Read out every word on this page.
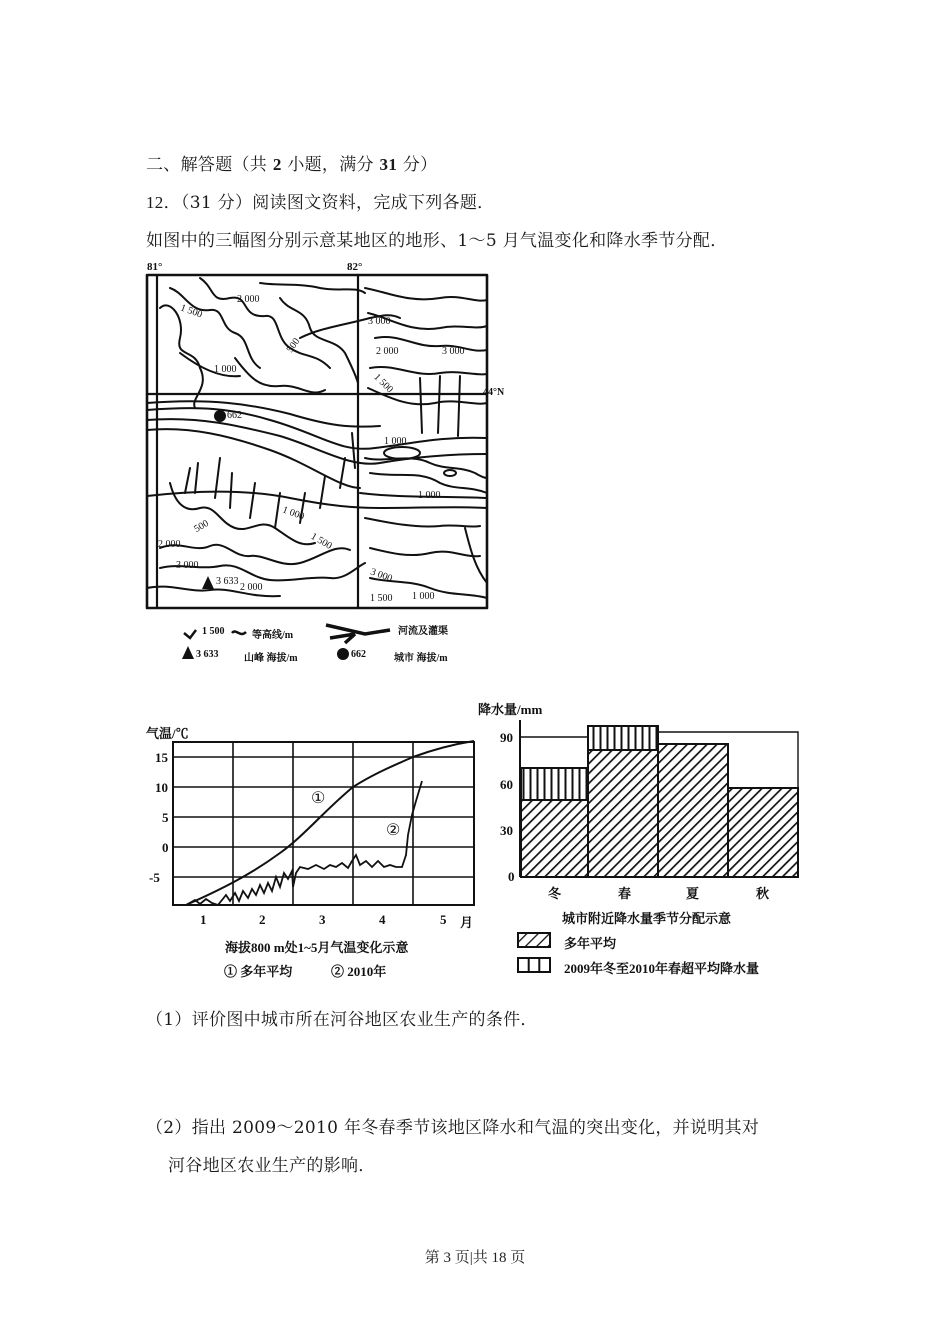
二、解答题（共 2 小题，满分 31 分）
12．（31 分）阅读图文资料，完成下列各题．
如图中的三幅图分别示意某地区的地形、1～5 月气温变化和降水季节分配．
81°	82°
44°N
2 000
1 500
1 000
500
3 000
2 000	3 000
1 500
1 000
1 000
1 000
500
1 500
2 000
3 000
2 000
1 500 1 000
3 000
662
3 633
1 500	等高线/m	河流及灌渠
3 633	山峰 海拔/m	662	城市 海拔/m
气温/℃
15
10
5
0
-5
①
②
1	2	3	4	5 月
海拔800 m处1~5月气温变化示意
① 多年平均	② 2010年
降水量/mm
90
60
30
0
冬	春	夏	秋
城市附近降水量季节分配示意
多年平均
2009年冬至2010年春超平均降水量
（1）评价图中城市所在河谷地区农业生产的条件．
（2）指出 2009～2010 年冬春季节该地区降水和气温的突出变化，并说明其对
河谷地区农业生产的影响．
第 3 页|共 18 页
